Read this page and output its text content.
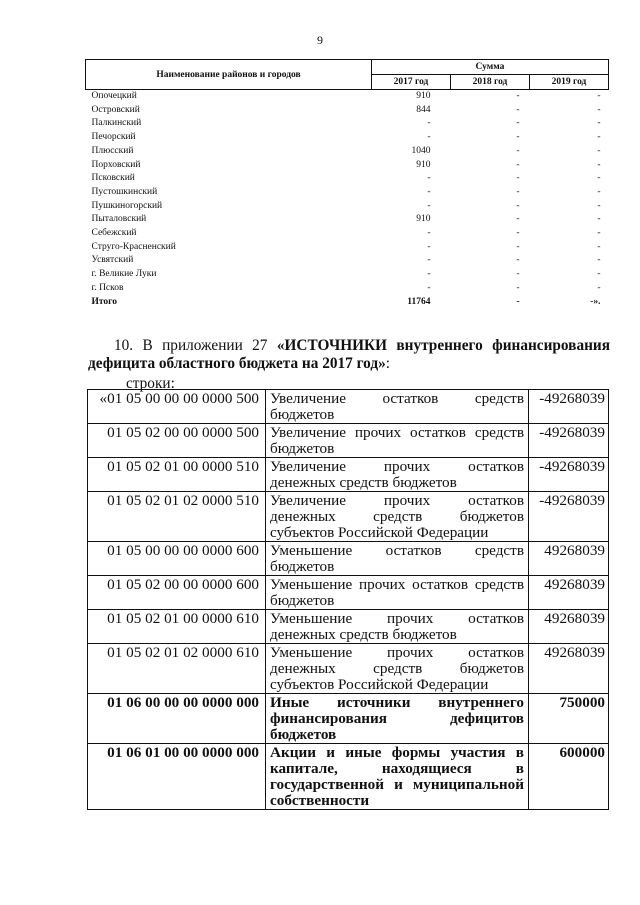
9
Наименование районов и городов	Сумма		
	2017 год	2018 год	2019 год
Опочецкий	910	-	-
Островский	844	-	-
Палкинский	-	-	-
Печорский	-	-	-
Плюсский	1040	-	-
Порховский	910	-	-
Псковский	-	-	-
Пустошкинский	-	-	-
Пушкиногорский	-	-	-
Пыталовский	910	-	-
Себежский	-	-	-
Струго-Красненский	-	-	-
Усвятский	-	-	-
г. Великие Луки	-	-	-
г. Псков	-	-	-
Итого	11764	-	-».
10. В приложении 27 «ИСТОЧНИКИ внутреннего финансирования дефицита областного бюджета на 2017 год»:
строки:
«01 05 00 00 00 0000 500	Увеличение остатков средств бюджетов	-49268039
01 05 02 00 00 0000 500	Увеличение прочих остатков средств бюджетов	-49268039
01 05 02 01 00 0000 510	Увеличение прочих остатков денежных средств бюджетов	-49268039
01 05 02 01 02 0000 510	Увеличение прочих остатков денежных средств бюджетов субъектов Российской Федерации	-49268039
01 05 00 00 00 0000 600	Уменьшение остатков средств бюджетов	49268039
01 05 02 00 00 0000 600	Уменьшение прочих остатков средств бюджетов	49268039
01 05 02 01 00 0000 610	Уменьшение прочих остатков денежных средств бюджетов	49268039
01 05 02 01 02 0000 610	Уменьшение прочих остатков денежных средств бюджетов субъектов Российской Федерации	49268039
01 06 00 00 00 0000 000	Иные источники внутреннего финансирования дефицитов бюджетов	750000
01 06 01 00 00 0000 000	Акции и иные формы участия в капитале, находящиеся в государственной и муниципальной собственности	600000
